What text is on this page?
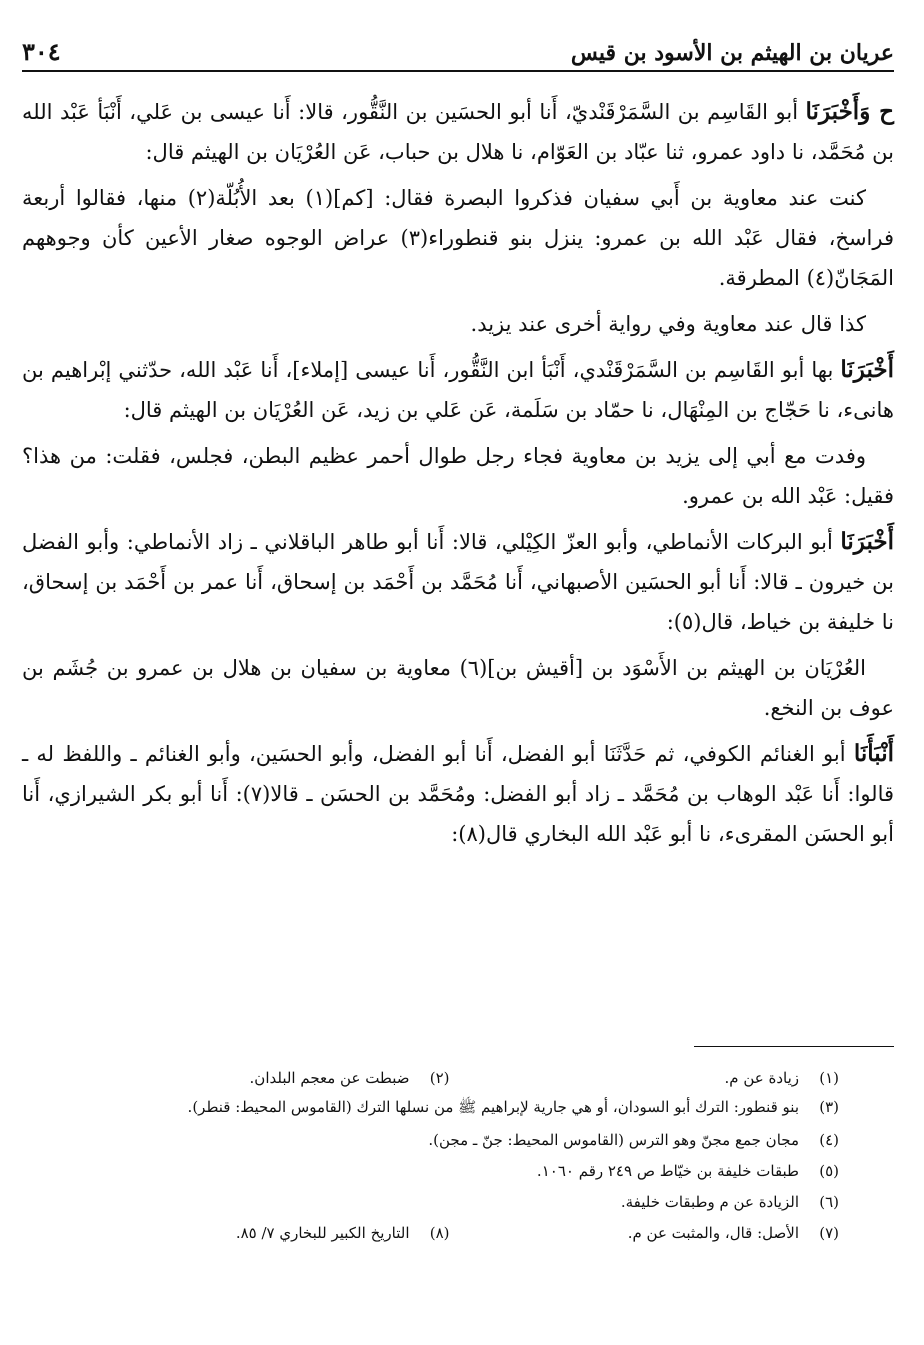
عريان بن الهيثم بن الأسود بن قيس
٣٠٤

ح وَأَخْبَرَنَا أبو القَاسِم بن السَّمَرْقَنْديّ، أَنا أبو الحسَين بن النَّقُّور، قالا: أَنا عيسى بن عَلي، أَنْبَأ عَبْد الله بن مُحَمَّد، نا داود عمرو، ثنا عبّاد بن العَوّام، نا هلال بن حباب، عَن العُرْيَان بن الهيثم قال:

كنت عند معاوية بن أَبي سفيان فذكروا البصرة فقال: [كم](١) بعد الأُبُلّة(٢) منها، فقالوا أربعة فراسخ، فقال عَبْد الله بن عمرو: ينزل بنو قنطوراء(٣) عراض الوجوه صغار الأعين كأن وجوههم المَجَانّ(٤) المطرقة.

كذا قال عند معاوية وفي رواية أخرى عند يزيد.

أَخْبَرَنَا بها أبو القَاسِم بن السَّمَرْقَنْدي، أَنْبَأ ابن النَّقُّور، أَنا عيسى [إملاء]، أَنا عَبْد الله، حدّثني إبْراهيم بن هانىء، نا حَجّاج بن المِنْهَال، نا حمّاد بن سَلَمة، عَن عَلي بن زيد، عَن العُرْيَان بن الهيثم قال:

وفدت مع أبي إلى يزيد بن معاوية فجاء رجل طوال أحمر عظيم البطن، فجلس، فقلت: من هذا؟ فقيل: عَبْد الله بن عمرو.

أَخْبَرَنَا أبو البركات الأنماطي، وأبو العزّ الكِيْلي، قالا: أَنا أبو طاهر الباقلاني ـ زاد الأنماطي: وأبو الفضل بن خيرون ـ قالا: أَنا أبو الحسَين الأصبهاني، أَنا مُحَمَّد بن أَحْمَد بن إسحاق، أَنا عمر بن أَحْمَد بن إسحاق، نا خليفة بن خياط، قال(٥):

العُرْيَان بن الهيثم بن الأَسْوَد بن [أقيش بن](٦) معاوية بن سفيان بن هلال بن عمرو بن جُشَم بن عوف بن النخع.

أَنْبَأَنَا أبو الغنائم الكوفي، ثم حَدَّثَنَا أبو الفضل، أَنا أبو الفضل، وأبو الحسَين، وأبو الغنائم ـ واللفظ له ـ قالوا: أَنا عَبْد الوهاب بن مُحَمَّد ـ زاد أبو الفضل: ومُحَمَّد بن الحسَن ـ قالا(٧): أَنا أبو بكر الشيرازي، أَنا أبو الحسَن المقرىء، نا أبو عَبْد الله البخاري قال(٨):

(١)
زيادة عن م.
(٢)
ضبطت عن معجم البلدان.
(٣)
بنو قنطور: الترك أبو السودان، أو هي جارية لإبراهيم ﷺ من نسلها الترك (القاموس المحيط: قنطر).
(٤)
مجان جمع مجنّ وهو الترس (القاموس المحيط: جنّ ـ مجن).
(٥)
طبقات خليفة بن خيّاط ص ٢٤٩ رقم ١٠٦٠.
(٦)
الزيادة عن م وطبقات خليفة.
(٧)
الأصل: قال، والمثبت عن م.
(٨)
التاريخ الكبير للبخاري ٧/ ٨٥.
